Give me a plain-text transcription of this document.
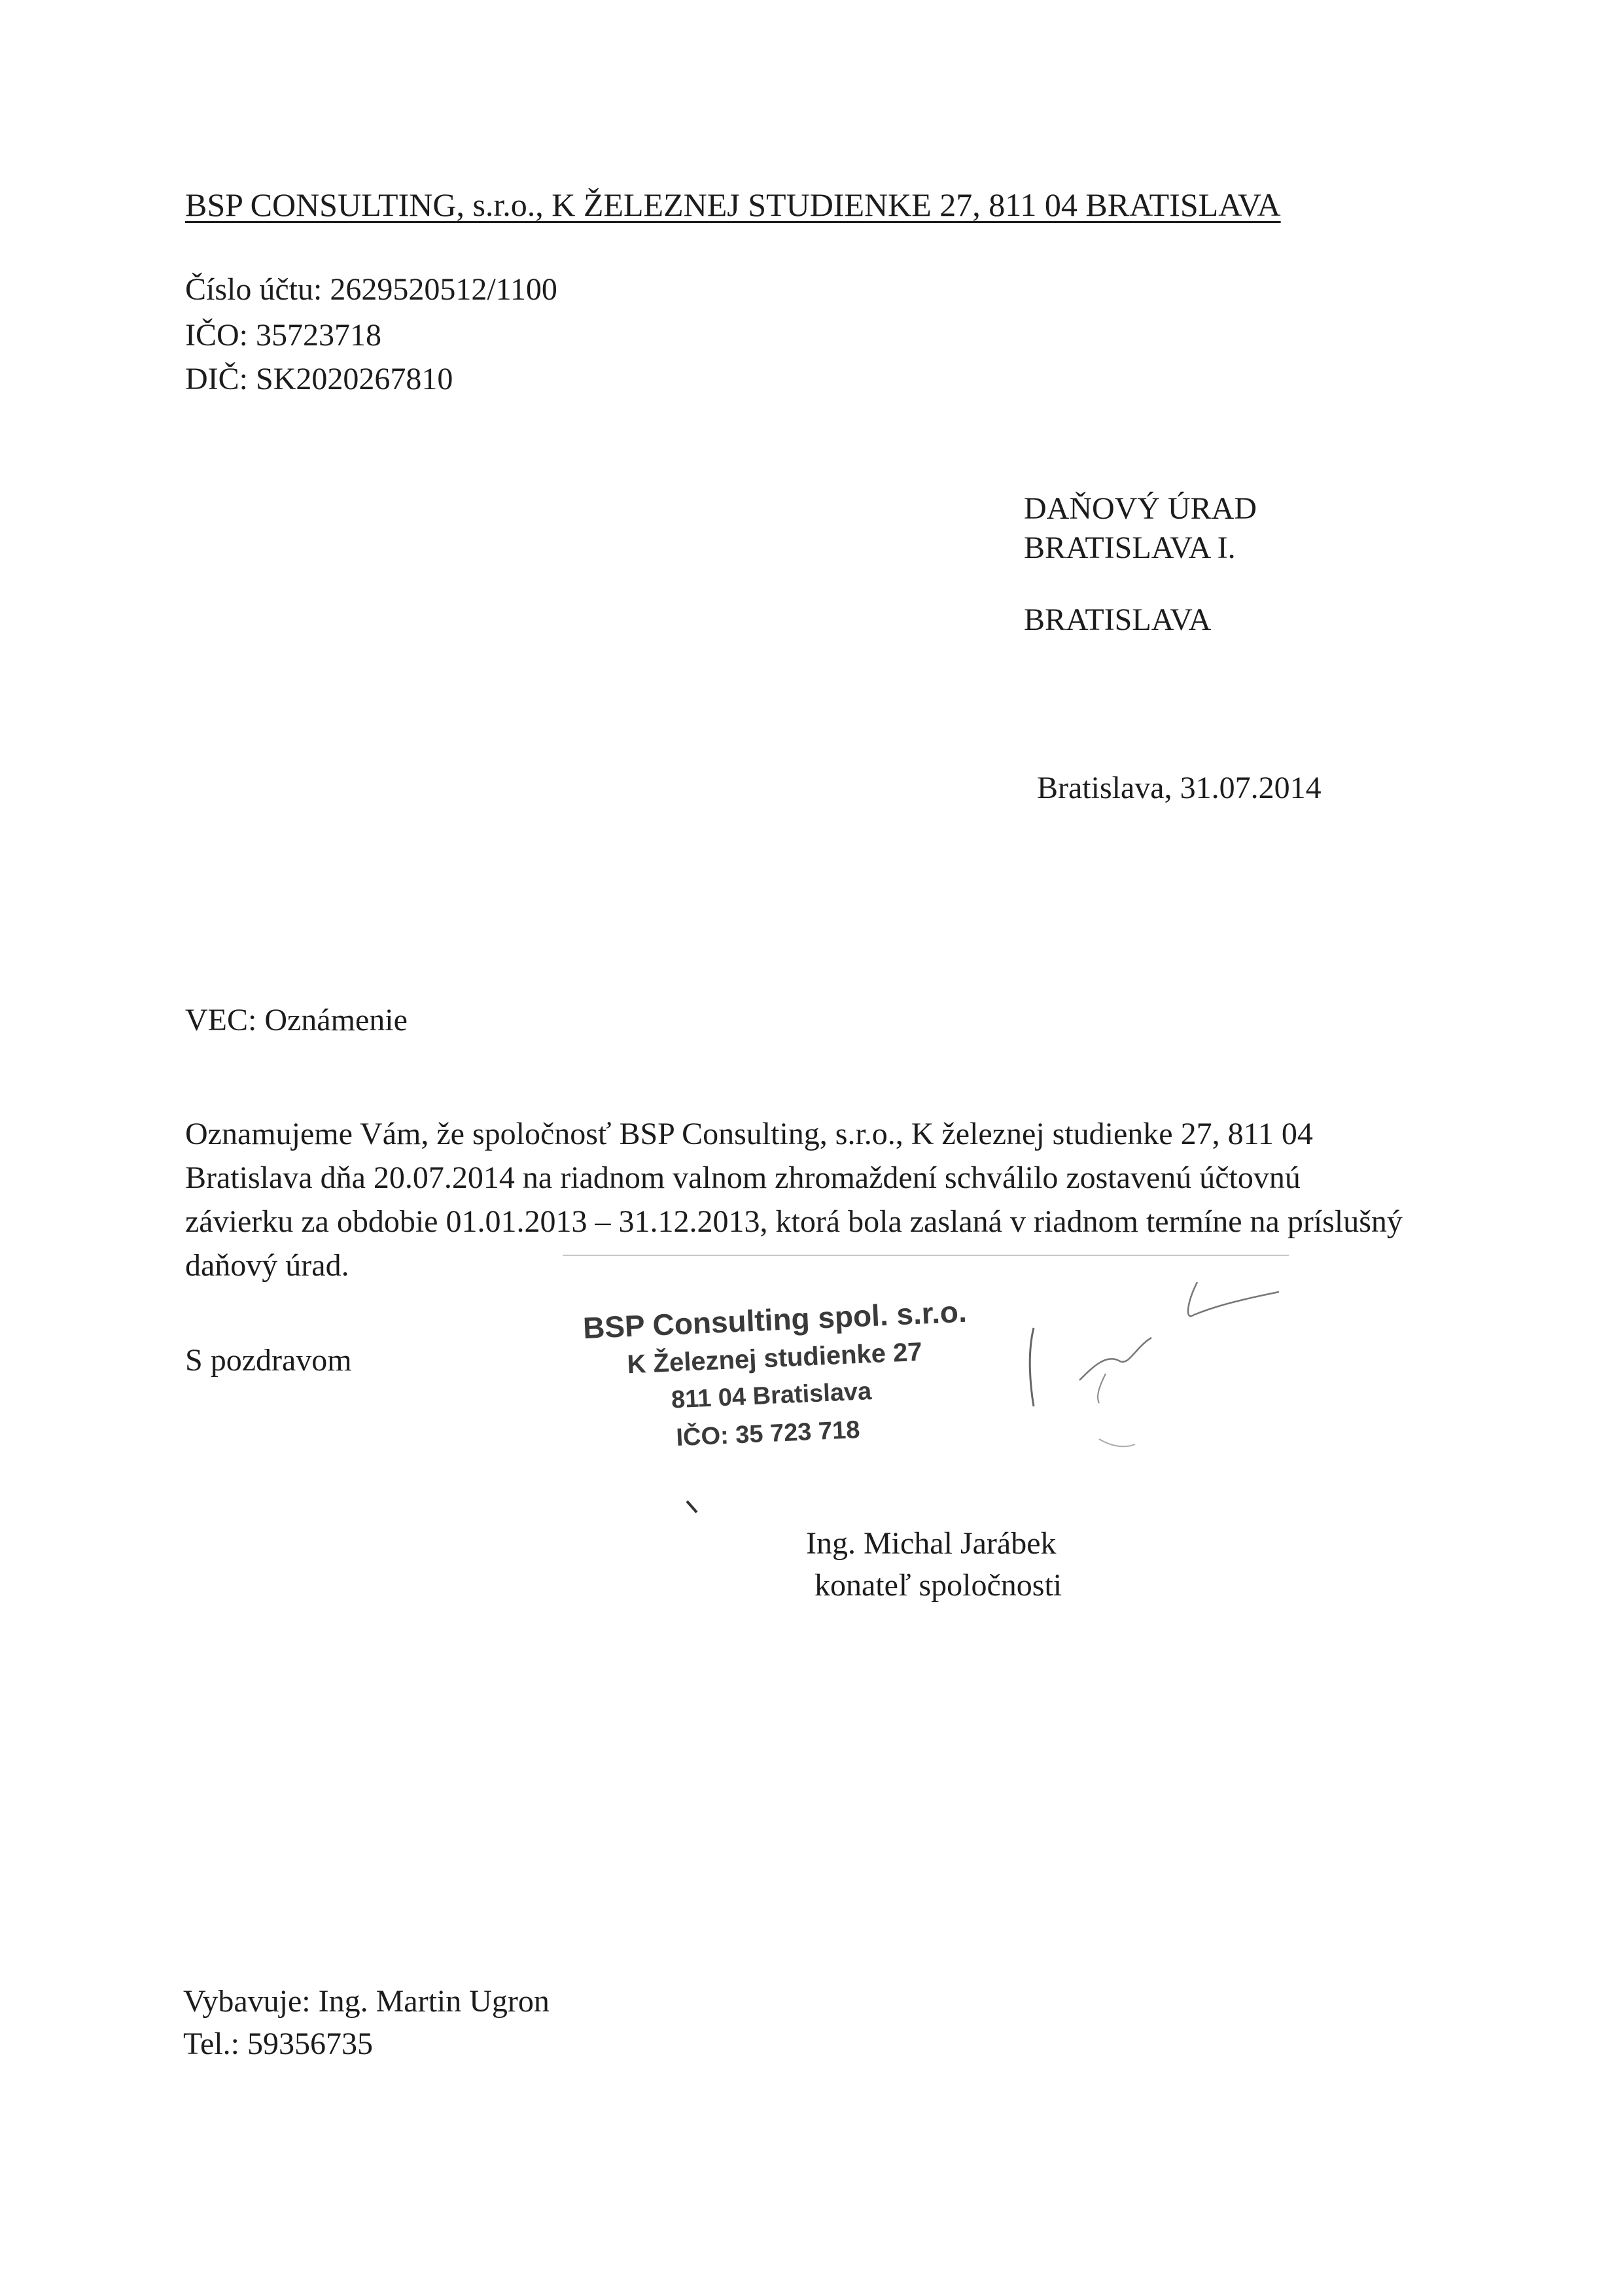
BSP CONSULTING, s.r.o., K ŽELEZNEJ STUDIENKE 27, 811 04 BRATISLAVA
Číslo účtu: 2629520512/1100
IČO: 35723718
DIČ: SK2020267810
DAŇOVÝ ÚRAD
BRATISLAVA I.
BRATISLAVA
Bratislava, 31.07.2014
VEC: Oznámenie
Oznamujeme Vám, že spoločnosť BSP Consulting, s.r.o., K železnej studienke 27, 811 04
Bratislava dňa 20.07.2014 na riadnom valnom zhromaždení schválilo zostavenú účtovnú
závierku za obdobie 01.01.2013 – 31.12.2013, ktorá bola zaslaná v riadnom termíne na príslušný
daňový úrad.
S pozdravom
BSP Consulting spol. s.r.o.
K Železnej studienke 27
811 04 Bratislava
IČO: 35 723 718
Ing. Michal Jarábek
konateľ spoločnosti
Vybavuje: Ing. Martin Ugron
Tel.: 59356735
